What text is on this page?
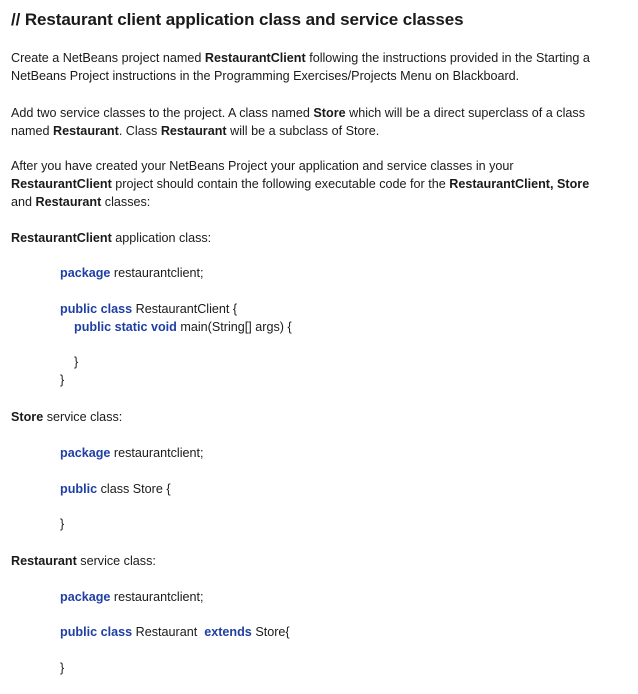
// Restaurant client application class and service classes

Create a NetBeans project named RestaurantClient following the instructions provided in the Starting a
NetBeans Project instructions in the Programming Exercises/Projects Menu on Blackboard.

Add two service classes to the project. A class named Store which will be a direct superclass of a class
named Restaurant. Class Restaurant will be a subclass of Store.

After you have created your NetBeans Project your application and service classes in your
RestaurantClient project should contain the following executable code for the RestaurantClient, Store
and Restaurant classes:

RestaurantClient application class:

package restaurantclient;

public class RestaurantClient {

public static void main(String[] args) {

}

}

Store service class:

package restaurantclient;

public class Store {

}

Restaurant service class:

package restaurantclient;

public class Restaurant  extends Store{

}
